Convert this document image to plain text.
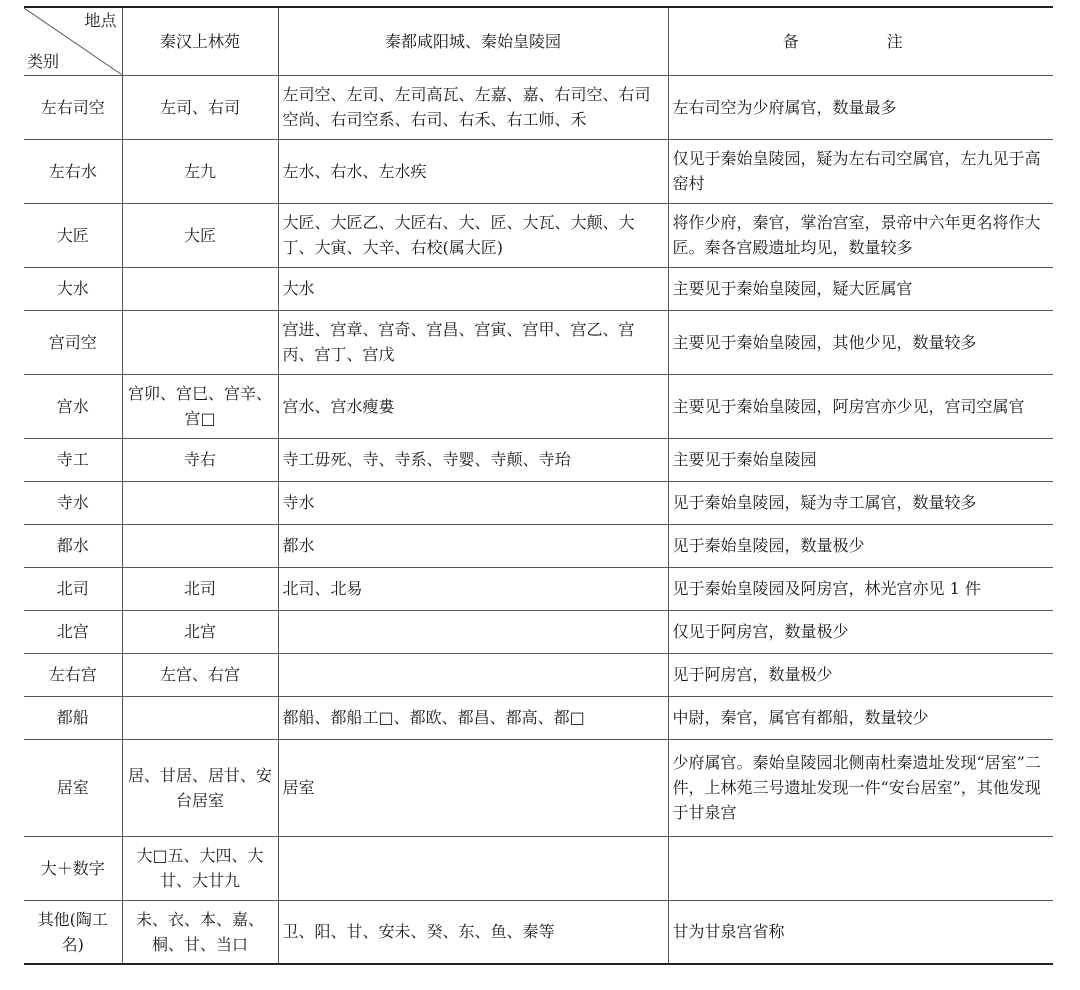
地点
类别	秦汉上林苑	秦都咸阳城、秦始皇陵园	备　注
左右司空	左司、右司	左司空、左司、左司高瓦、左嘉、嘉、右司空、右司空尚、右司空系、右司、右禾、右工师、禾	左右司空为少府属官，数量最多
左右水	左九	左水、右水、左水疾	仅见于秦始皇陵园，疑为左右司空属官，左九见于高窑村
大匠	大匠	大匠、大匠乙、大匠右、大、匠、大瓦、大颠、大丁、大寅、大辛、右校(属大匠)	将作少府，秦官，掌治宫室，景帝中六年更名将作大匠。秦各宫殿遗址均见，数量较多
大水		大水	主要见于秦始皇陵园，疑大匠属官
宫司空		宫进、宫章、宫奇、宫昌、宫寅、宫甲、宫乙、宫丙、宫丁、宫戊	主要见于秦始皇陵园，其他少见，数量较多
宫水	宫卯、宫巳、宫辛、宫□	宫水、宫水瘦婁	主要见于秦始皇陵园，阿房宫亦少见，宫司空属官
寺工	寺右	寺工毋死、寺、寺系、寺婴、寺颠、寺珆	主要见于秦始皇陵园
寺水		寺水	见于秦始皇陵园，疑为寺工属官，数量较多
都水		都水	见于秦始皇陵园，数量极少
北司	北司	北司、北易	见于秦始皇陵园及阿房宫，林光宫亦见 1 件
北宫	北宫		仅见于阿房宫，数量极少
左右宫	左宫、右宫		见于阿房宫，数量极少
都船		都船、都船工□、都欧、都昌、都高、都□	中尉，秦官，属官有都船，数量较少
居室	居、甘居、居甘、安台居室	居室	少府属官。秦始皇陵园北侧南杜秦遗址发现“居室”二件，上林苑三号遗址发现一件“安台居室”，其他发现于甘泉宫
大＋数字	大□五、大四、大廿、大廿九		
其他(陶工名)	未、衣、本、嘉、桐、甘、当口	卫、阳、甘、安未、癸、东、鱼、秦等	甘为甘泉宫省称
